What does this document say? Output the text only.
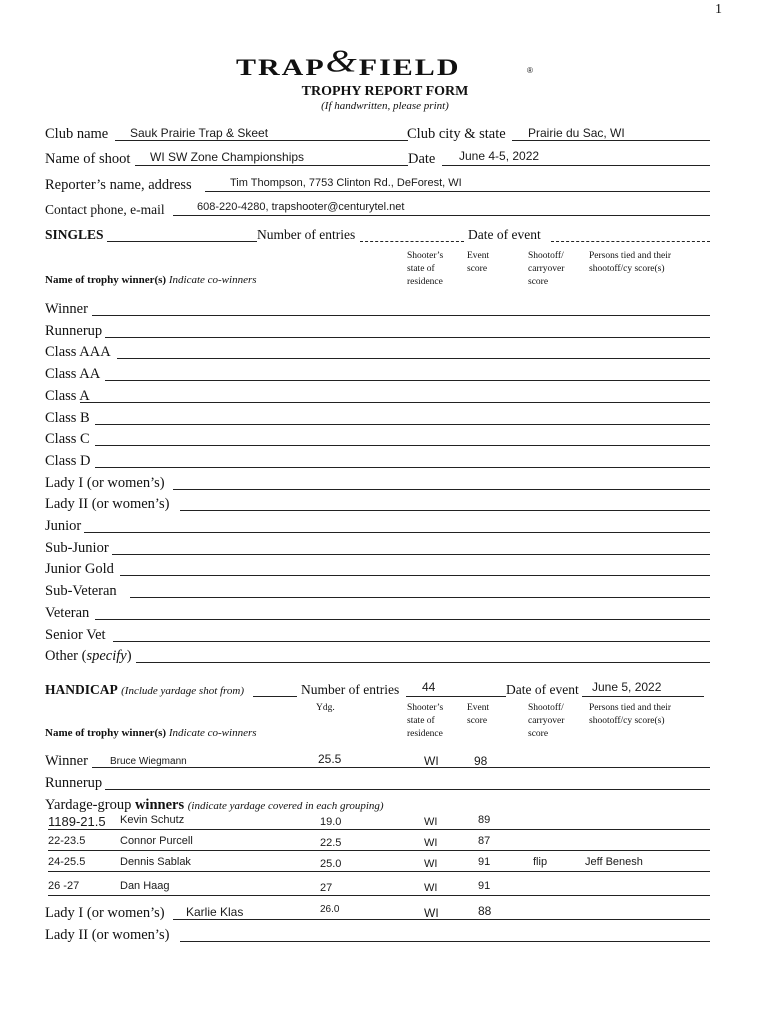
1
TRAP&FIELD	®
TROPHY REPORT FORM
(If handwritten, please print)
Club name Sauk Prairie Trap & Skeet	Club city & state Prairie du Sac, WI
Name of shoot WI SW Zone Championships	Date June 4-5, 2022
Reporter’s name, address	Tim Thompson, 7753 Clinton Rd., DeForest, WI
Contact phone, e-mail	608-220-4280, trapshooter@centurytel.net
SINGLES	Number of entries	Date of event
Shooter’s
state of
residence
Event
score
Shootoff/
carryover
score
Persons tied and their
shootoff/cy score(s)
Name of trophy winner(s) Indicate co-winners
Winner
Runnerup
Class AAA
Class AA
Class A
Class B
Class C
Class D
Lady I (or women’s)
Lady II (or women’s)
Junior
Sub-Junior
Junior Gold
Sub-Veteran
Veteran
Senior Vet
Other (specify)
HANDICAP (Include yardage shot from)	Number of entries 44	Date of event June 5, 2022
Ydg.	Shooter’s
state of
residence
Event
score
Shootoff/
carryover
score
Persons tied and their
shootoff/cy score(s)
Name of trophy winner(s) Indicate co-winners
Winner Bruce Wiegmann	25.5	WI	98
Runnerup
Yardage-group winners (indicate yardage covered in each grouping)
1189-21.5 Kevin Schutz	19.0	WI	89
22-23.5	Connor Purcell	22.5	WI	87
24-25.5	Dennis Sablak	25.0	WI	91	flip	Jeff Benesh
26 -27	Dan Haag	27	WI	91
Lady I (or women’s) Karlie Klas	26.0	WI	88
Lady II (or women’s)
